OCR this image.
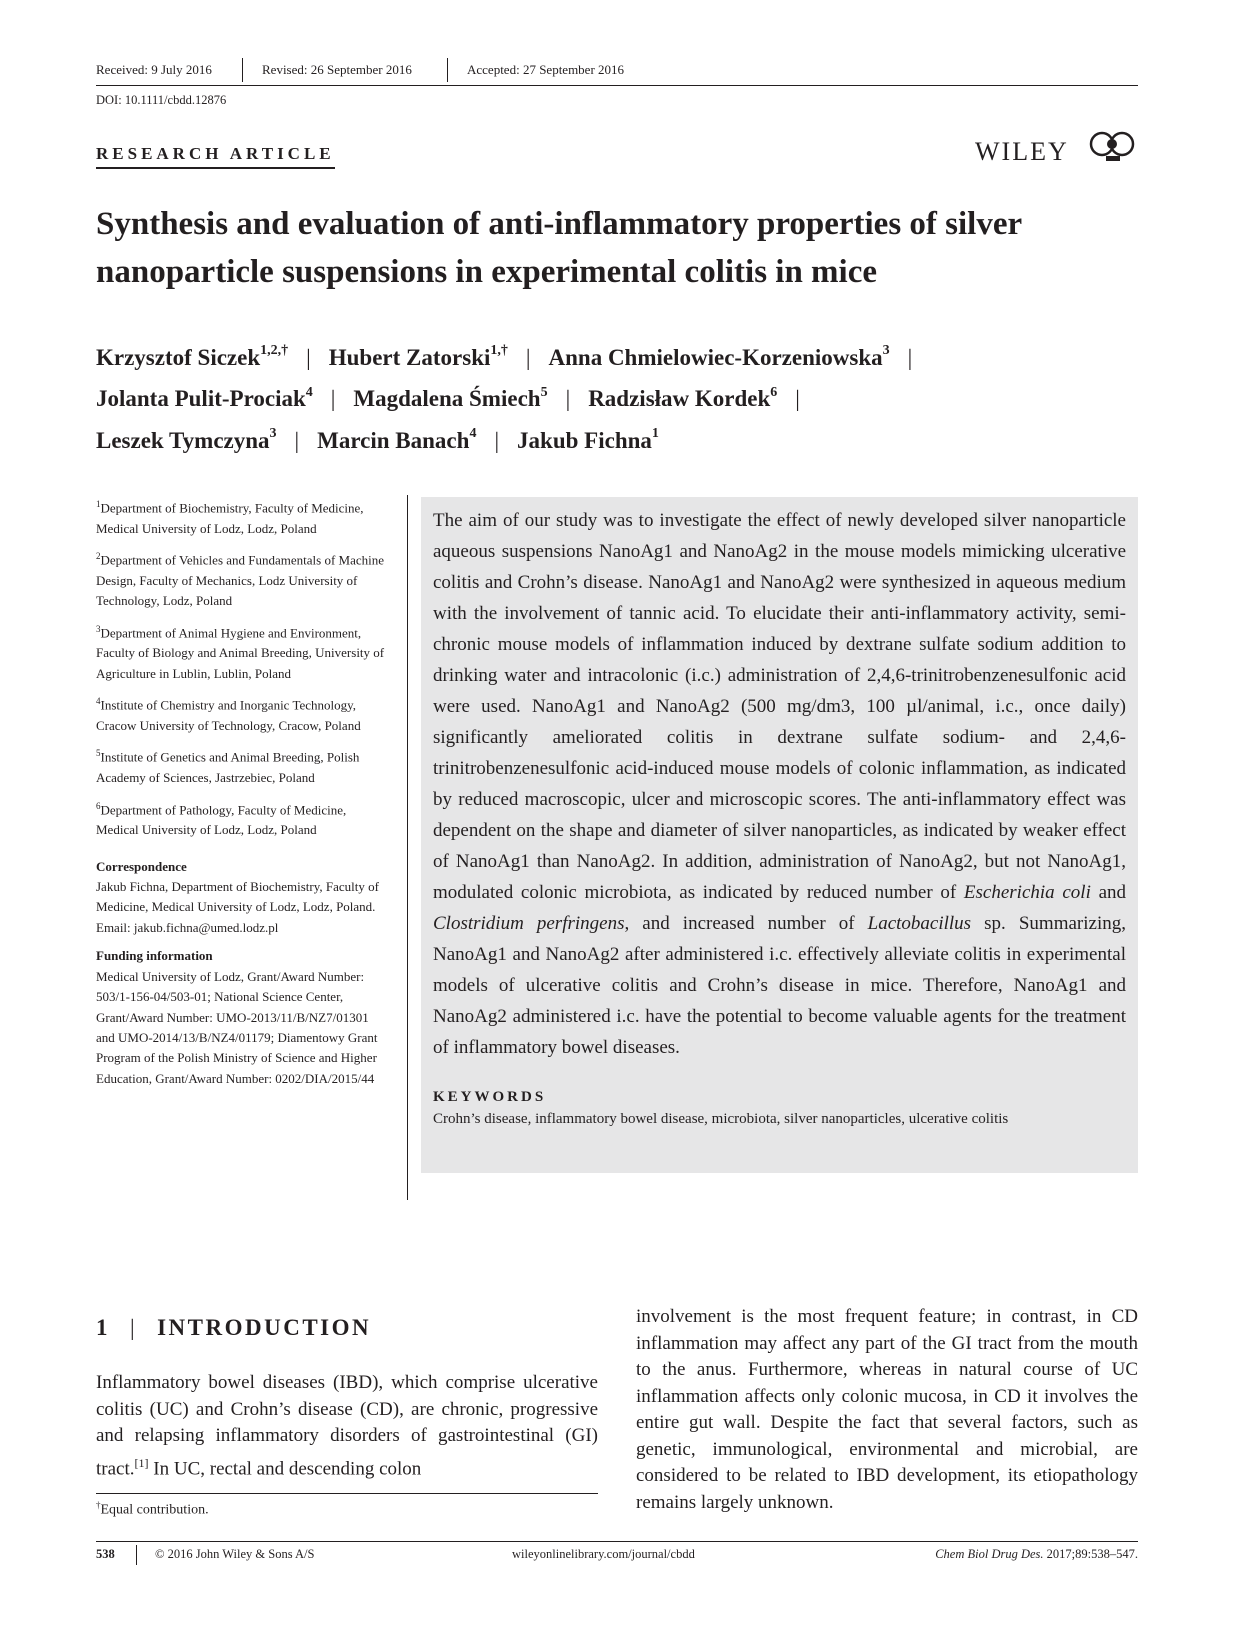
Received: 9 July 2016	Revised: 26 September 2016	Accepted: 27 September 2016
DOI: 10.1111/cbdd.12876
RESEARCH ARTICLE	WILEY
Synthesis and evaluation of anti-inflammatory properties of silver nanoparticle suspensions in experimental colitis in mice
Krzysztof Siczek$^{1,2,\dagger}$ | Hubert Zatorski$^{1,\dagger}$ | Anna Chmielowiec-Korzeniowska$^3$ |
Jolanta Pulit-Prociak$^4$ | Magdalena Śmiech$^5$ | Radzisław Kordek$^6$ |
Leszek Tymczyna$^3$ | Marcin Banach$^4$ | Jakub Fichna$^1$

$^1$Department of Biochemistry, Faculty of Medicine, Medical University of Lodz, Lodz, Poland

$^2$Department of Vehicles and Fundamentals of Machine Design, Faculty of Mechanics, Lodz University of Technology, Lodz, Poland

$^3$Department of Animal Hygiene and Environment, Faculty of Biology and Animal Breeding, University of Agriculture in Lublin, Lublin, Poland

$^4$Institute of Chemistry and Inorganic Technology, Cracow University of Technology, Cracow, Poland

$^5$Institute of Genetics and Animal Breeding, Polish Academy of Sciences, Jastrzebiec, Poland

$^6$Department of Pathology, Faculty of Medicine, Medical University of Lodz, Lodz, Poland

Correspondence
Jakub Fichna, Department of Biochemistry, Faculty of Medicine, Medical University of Lodz, Lodz, Poland.
Email: jakub.fichna@umed.lodz.pl
Funding information
Medical University of Lodz, Grant/Award Number: 503/1-156-04/503-01; National Science Center, Grant/Award Number: UMO-2013/11/B/NZ7/01301 and UMO-2014/13/B/NZ4/01179; Diamentowy Grant Program of the Polish Ministry of Science and Higher Education, Grant/Award Number: 0202/DIA/2015/44

The aim of our study was to investigate the effect of newly developed silver nanoparticle aqueous suspensions NanoAg1 and NanoAg2 in the mouse models mimicking ulcerative colitis and Crohn’s disease. NanoAg1 and NanoAg2 were synthesized in aqueous medium with the involvement of tannic acid. To elucidate their anti-inflammatory activity, semi-chronic mouse models of inflammation induced by dextrane sulfate sodium addition to drinking water and intracolonic (i.c.) administration of 2,4,6-trinitrobenzenesulfonic acid were used. NanoAg1 and NanoAg2 (500 mg/dm3, 100 µl/animal, i.c., once daily) significantly ameliorated colitis in dextrane sulfate sodium- and 2,4,6-trinitrobenzenesulfonic acid-induced mouse models of colonic inflammation, as indicated by reduced macroscopic, ulcer and microscopic scores. The anti-inflammatory effect was dependent on the shape and diameter of silver nanoparticles, as indicated by weaker effect of NanoAg1 than NanoAg2. In addition, administration of NanoAg2, but not NanoAg1, modulated colonic microbiota, as indicated by reduced number of Escherichia coli and Clostridium perfringens, and increased number of Lactobacillus sp. Summarizing, NanoAg1 and NanoAg2 after administered i.c. effectively alleviate colitis in experimental models of ulcerative colitis and Crohn’s disease in mice. Therefore, NanoAg1 and NanoAg2 administered i.c. have the potential to become valuable agents for the treatment of inflammatory bowel diseases.

KEYWORDS
Crohn’s disease, inflammatory bowel disease, microbiota, silver nanoparticles, ulcerative colitis
1 | INTRODUCTION

Inflammatory bowel diseases (IBD), which comprise ulcerative colitis (UC) and Crohn’s disease (CD), are chronic, progressive and relapsing inflammatory disorders of gastrointestinal (GI) tract.[1] In UC, rectal and descending colon

involvement is the most frequent feature; in contrast, in CD inflammation may affect any part of the GI tract from the mouth to the anus. Furthermore, whereas in natural course of UC inflammation affects only colonic mucosa, in CD it involves the entire gut wall. Despite the fact that several factors, such as genetic, immunological, environmental and microbial, are considered to be related to IBD development, its etiopathology remains largely unknown.

†Equal contribution.
538	© 2016 John Wiley & Sons A/S	wileyonlinelibrary.com/journal/cbdd	Chem Biol Drug Des. 2017;89:538–547.
